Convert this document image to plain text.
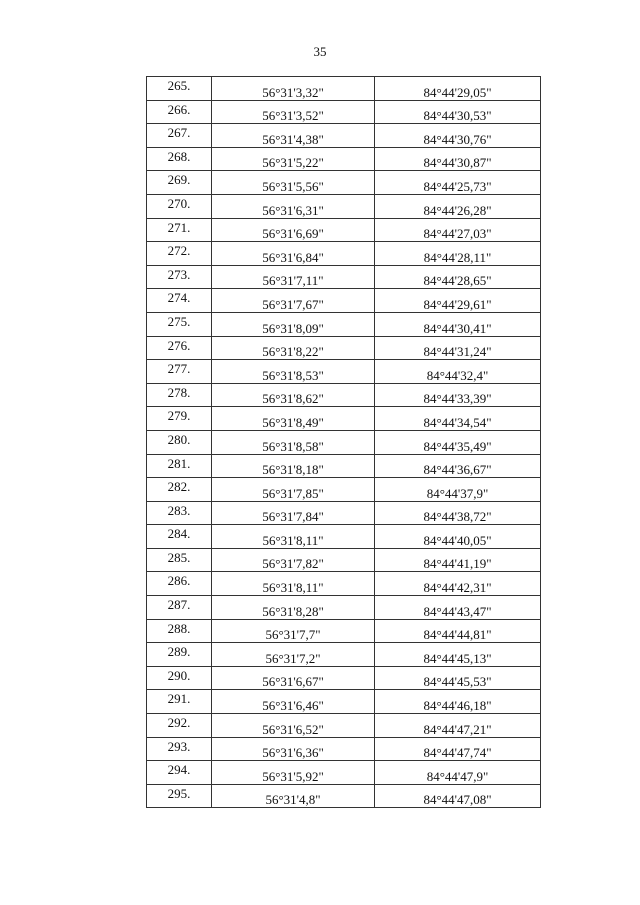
35
265.	56°31'3,32"	84°44'29,05"
266.	56°31'3,52"	84°44'30,53"
267.	56°31'4,38"	84°44'30,76"
268.	56°31'5,22"	84°44'30,87"
269.	56°31'5,56"	84°44'25,73"
270.	56°31'6,31"	84°44'26,28"
271.	56°31'6,69"	84°44'27,03"
272.	56°31'6,84"	84°44'28,11"
273.	56°31'7,11"	84°44'28,65"
274.	56°31'7,67"	84°44'29,61"
275.	56°31'8,09"	84°44'30,41"
276.	56°31'8,22"	84°44'31,24"
277.	56°31'8,53"	84°44'32,4"
278.	56°31'8,62"	84°44'33,39"
279.	56°31'8,49"	84°44'34,54"
280.	56°31'8,58"	84°44'35,49"
281.	56°31'8,18"	84°44'36,67"
282.	56°31'7,85"	84°44'37,9"
283.	56°31'7,84"	84°44'38,72"
284.	56°31'8,11"	84°44'40,05"
285.	56°31'7,82"	84°44'41,19"
286.	56°31'8,11"	84°44'42,31"
287.	56°31'8,28"	84°44'43,47"
288.	56°31'7,7"	84°44'44,81"
289.	56°31'7,2"	84°44'45,13"
290.	56°31'6,67"	84°44'45,53"
291.	56°31'6,46"	84°44'46,18"
292.	56°31'6,52"	84°44'47,21"
293.	56°31'6,36"	84°44'47,74"
294.	56°31'5,92"	84°44'47,9"
295.	56°31'4,8"	84°44'47,08"
